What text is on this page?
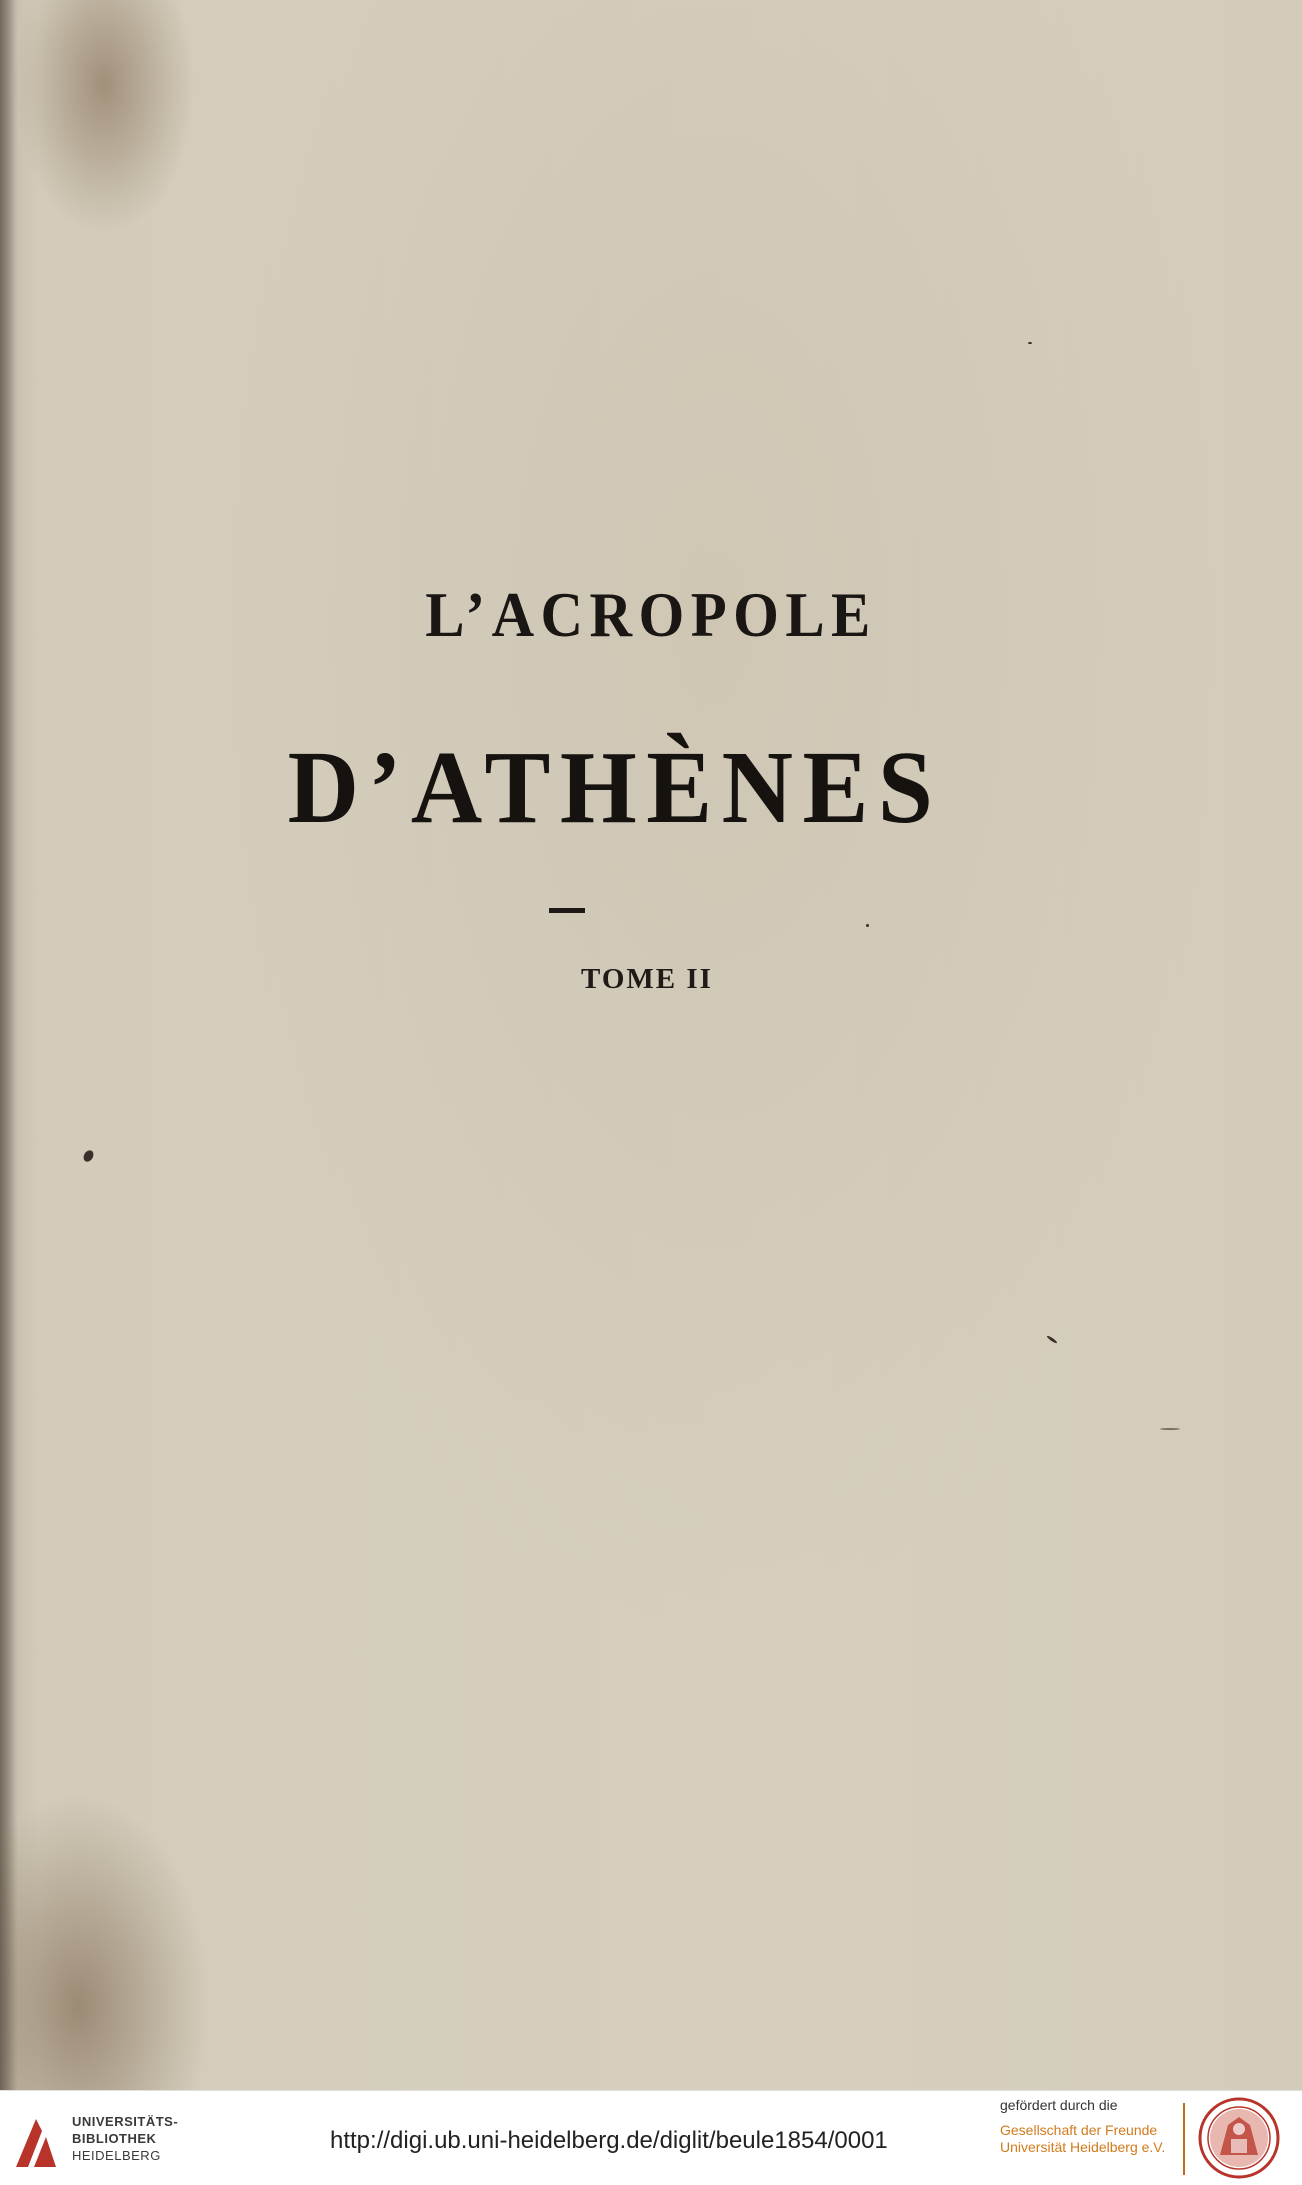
L’ACROPOLE
D’ATHÈNES
TOME II
UNIVERSITÄTS-
BIBLIOTHEK
HEIDELBERG
http://digi.ub.uni-heidelberg.de/diglit/beule1854/0001
gefördert durch die
Gesellschaft der Freunde
Universität Heidelberg e.V.
